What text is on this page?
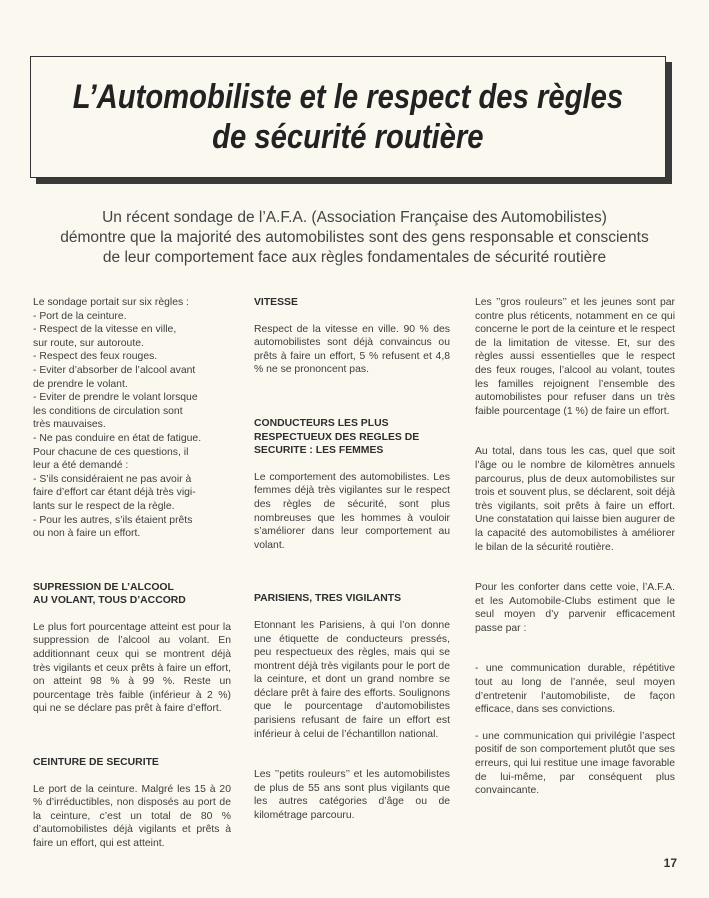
L’Automobiliste et le respect des règles
de sécurité routière

Un récent sondage de l’A.F.A. (Association Française des Automobilistes)

démontre que la majorité des automobilistes sont des gens responsable et conscients

de leur comportement face aux règles fondamentales de sécurité routière

Le sondage portait sur six règles :
- Port de la ceinture.
- Respect de la vitesse en ville,
sur route, sur autoroute.
- Respect des feux rouges.
- Eviter d’absorber de l’alcool avant
de prendre le volant.
- Eviter de prendre le volant lorsque
les conditions de circulation sont
très mauvaises.
- Ne pas conduire en état de fatigue.
Pour chacune de ces questions, il
leur a été demandé :
- S’ils considéraient ne pas avoir à
faire d’effort car étant déjà très vigi-
lants sur le respect de la règle.
- Pour les autres, s’ils étaient prêts
ou non à faire un effort.

SUPRESSION DE L’ALCOOL

AU VOLANT, TOUS D’ACCORD

Le plus fort pourcentage atteint est pour la suppression de l’alcool au volant. En additionnant ceux qui se montrent déjà très vigilants et ceux prêts à faire un effort, on atteint 98 % à 99 %. Reste un pourcentage très faible (inférieur à 2 %) qui ne se déclare pas prêt à faire d’effort.

CEINTURE DE SECURITE

Le port de la ceinture. Malgré les 15 à 20 % d’irréductibles, non disposés au port de la ceinture, c’est un total de 80 % d’automobilistes déjà vigilants et prêts à faire un effort, qui est atteint.

VITESSE

Respect de la vitesse en ville. 90 % des automobilistes sont déjà convaincus ou prêts à faire un effort, 5 % refusent et 4,8 % ne se prononcent pas.

CONDUCTEURS LES PLUS

RESPECTUEUX DES REGLES DE

SECURITE : LES FEMMES

Le comportement des automobilistes. Les femmes déjà très vigilantes sur le respect des règles de sécurité, sont plus nombreuses que les hommes à vouloir s’améliorer dans leur comportement au volant.

PARISIENS, TRES VIGILANTS

Etonnant les Parisiens, à qui l’on donne une étiquette de conducteurs pressés, peu respectueux des règles, mais qui se montrent déjà très vigilants pour le port de la ceinture, et dont un grand nombre se déclare prêt à faire des efforts. Soulignons que le pourcentage d’automobilistes parisiens refusant de faire un effort est inférieur à celui de l’échantillon national.

Les ’’petits rouleurs’’ et les automobilistes de plus de 55 ans sont plus vigilants que les autres catégories d’âge ou de kilométrage parcouru.

Les ’’gros rouleurs’’ et les jeunes sont par contre plus réticents, notamment en ce qui concerne le port de la ceinture et le respect de la limitation de vitesse. Et, sur des règles aussi essentielles que le respect des feux rouges, l’alcool au volant, toutes les familles rejoignent l’ensemble des automobilistes pour refuser dans un très faible pourcentage (1 %) de faire un effort.

Au total, dans tous les cas, quel que soit l’âge ou le nombre de kilomètres annuels parcourus, plus de deux automobilistes sur trois et souvent plus, se déclarent, soit déjà très vigilants, soit prêts à faire un effort. Une constatation qui laisse bien augurer de la capacité des automobilistes à améliorer le bilan de la sécurité routière.

Pour les conforter dans cette voie, l’A.F.A. et les Automobile-Clubs estiment que le seul moyen d’y parvenir efficacement passe par :

- une communication durable, répétitive tout au long de l’année, seul moyen d’entretenir l’automobiliste, de façon efficace, dans ses convictions.

- une communication qui privilégie l’aspect positif de son comportement plutôt que ses erreurs, qui lui restitue une image favorable de lui-même, par conséquent plus convaincante.

17
